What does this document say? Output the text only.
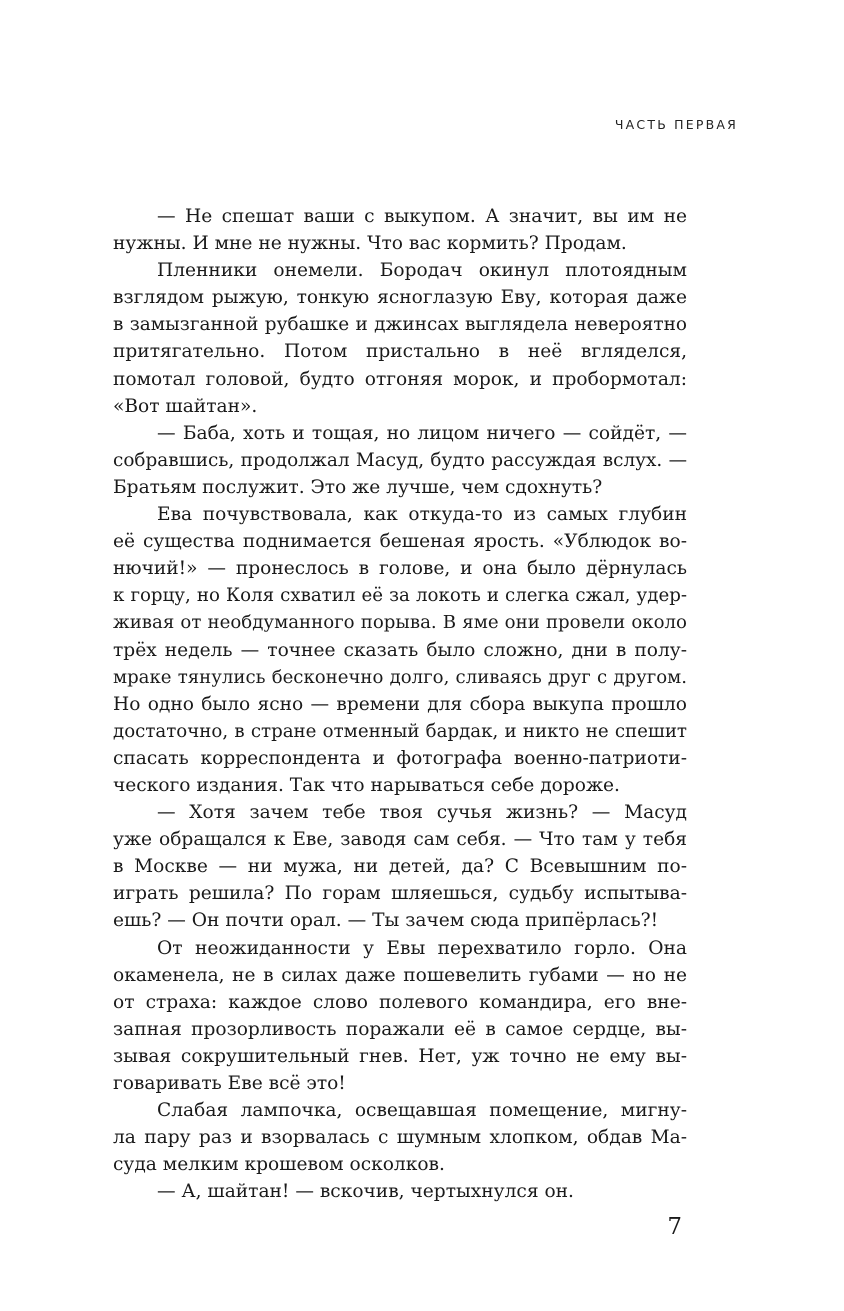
ЧАСТЬ ПЕРВАЯ
— Не спешат ваши с выкупом. А значит, вы им не
нужны. И мне не нужны. Что вас кормить? Продам.
Пленники онемели. Бородач окинул плотоядным
взглядом рыжую, тонкую ясноглазую Еву, которая даже
в замызганной рубашке и джинсах выглядела невероятно
притягательно. Потом пристально в неё вгляделся,
помотал головой, будто отгоняя морок, и пробормотал:
«Вот шайтан».
— Баба, хоть и тощая, но лицом ничего — сойдёт, —
собравшись, продолжал Масуд, будто рассуждая вслух. —
Братьям послужит. Это же лучше, чем сдохнуть?
Ева почувствовала, как откуда-то из самых глубин
её существа поднимается бешеная ярость. «Ублюдок во-
нючий!» — пронеслось в голове, и она было дёрнулась
к горцу, но Коля схватил её за локоть и слегка сжал, удер-
живая от необдуманного порыва. В яме они провели около
трёх недель — точнее сказать было сложно, дни в полу-
мраке тянулись бесконечно долго, сливаясь друг с другом.
Но одно было ясно — времени для сбора выкупа прошло
достаточно, в стране отменный бардак, и никто не спешит
спасать корреспондента и фотографа военно-патриоти-
ческого издания. Так что нарываться себе дороже.
— Хотя зачем тебе твоя сучья жизнь? — Масуд
уже обращался к Еве, заводя сам себя. — Что там у тебя
в Москве — ни мужа, ни детей, да? С Всевышним по-
играть решила? По горам шляешься, судьбу испытыва-
ешь? — Он почти орал. — Ты зачем сюда припёрлась?!
От неожиданности у Евы перехватило горло. Она
окаменела, не в силах даже пошевелить губами — но не
от страха: каждое слово полевого командира, его вне-
запная прозорливость поражали её в самое сердце, вы-
зывая сокрушительный гнев. Нет, уж точно не ему вы-
говаривать Еве всё это!
Слабая лампочка, освещавшая помещение, мигну-
ла пару раз и взорвалась с шумным хлопком, обдав Ма-
суда мелким крошевом осколков.
— А, шайтан! — вскочив, чертыхнулся он.
7
